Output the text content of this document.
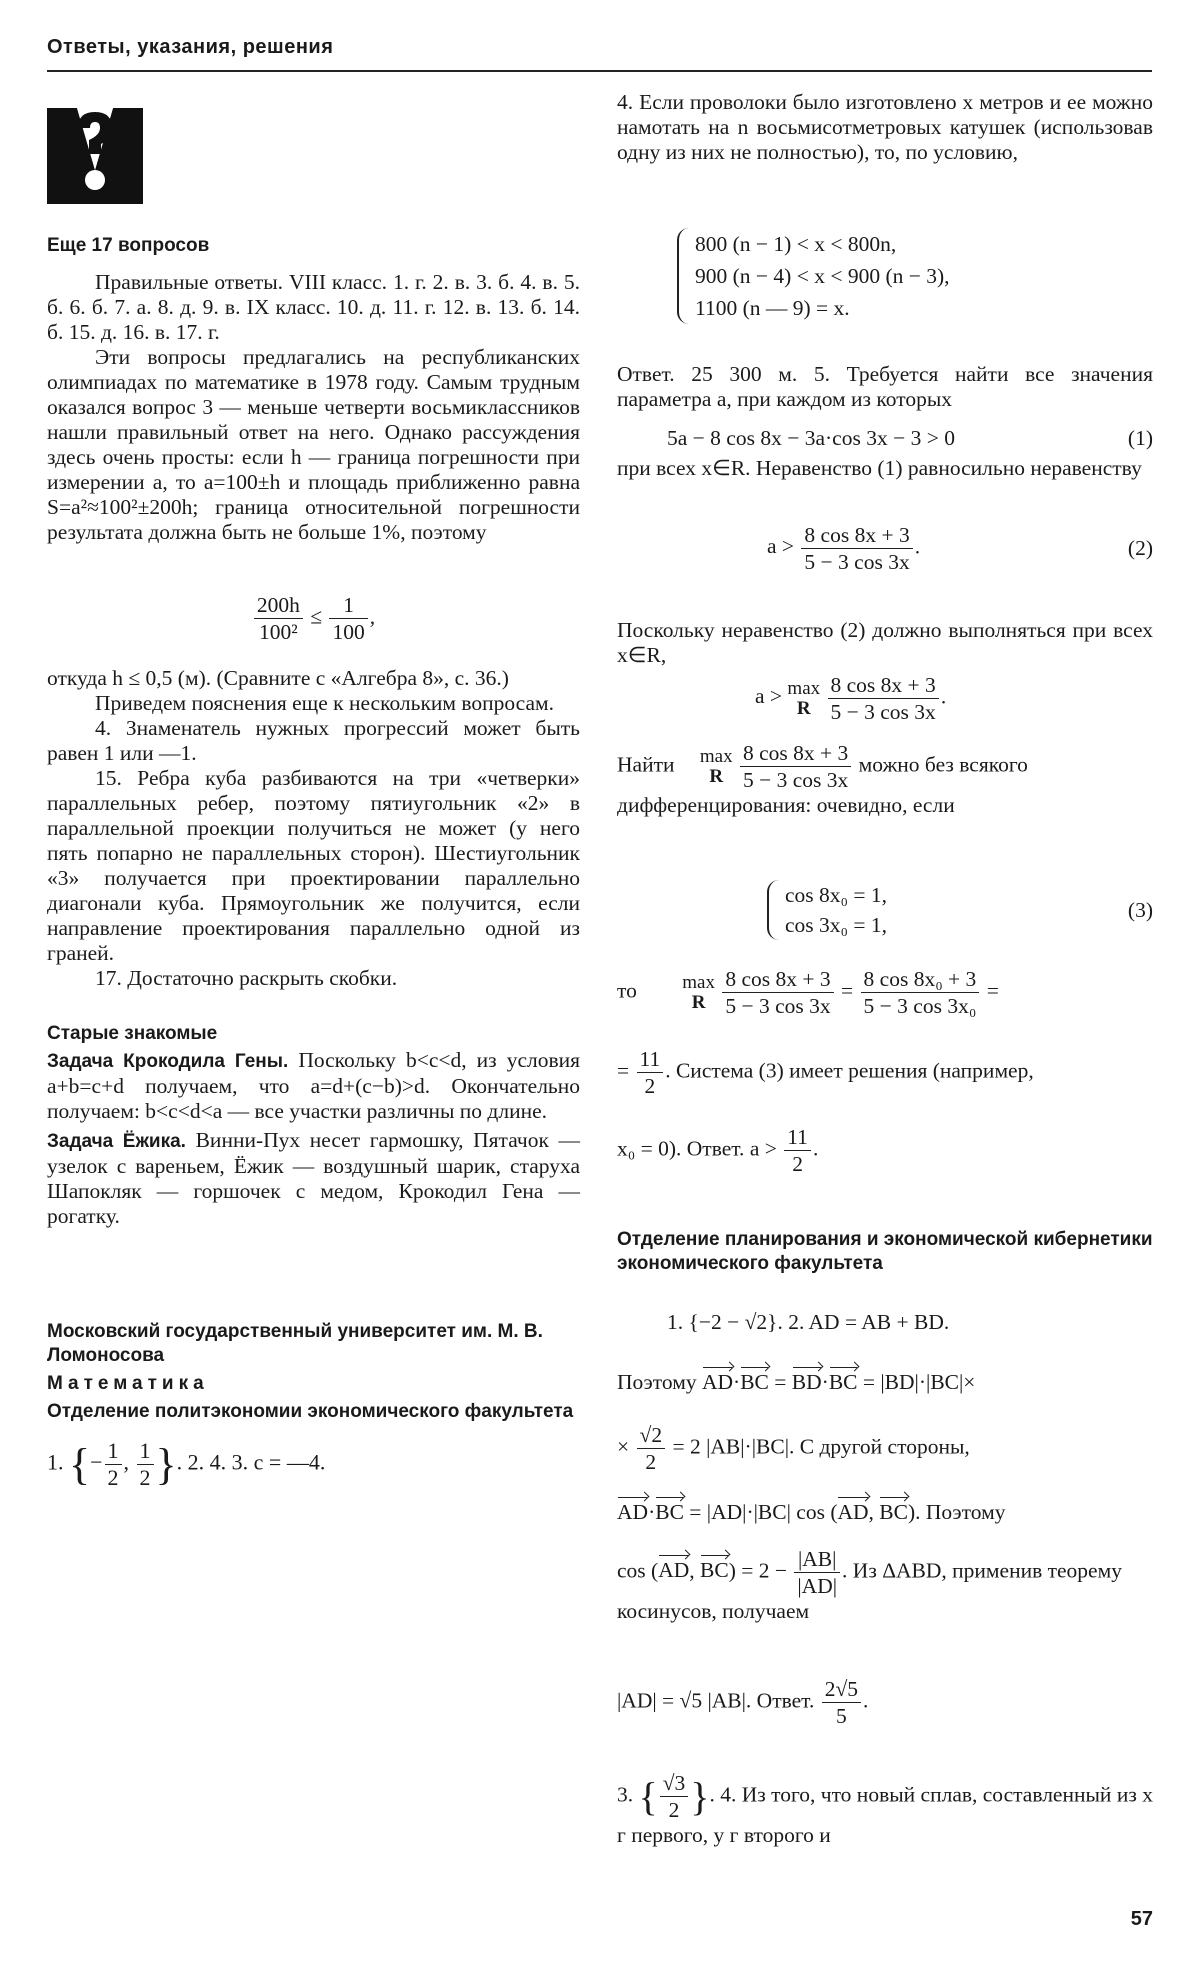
Ответы, указания, решения

Еще 17 вопросов

Правильные ответы. VIII класс. 1. г. 2. в. 3. б. 4. в. 5. б. 6. б. 7. а. 8. д. 9. в. IX класс. 10. д. 11. г. 12. в. 13. б. 14. б. 15. д. 16. в. 17. г.

Эти вопросы предлагались на республиканских олимпиадах по математике в 1978 году. Самым трудным оказался вопрос 3 — меньше четверти восьмиклассников нашли правильный ответ на него. Однако рассуждения здесь очень просты: если h — граница погрешности при измерении a, то a=100±h и площадь приближенно равна S=a²≈100²±200h; граница относительной погрешности результата должна быть не больше 1%, поэтому

$\frac{200h}{\text{100²}} \le \frac{1}{100}$ ,

откуда h ≤ 0,5 (м). (Сравните с «Алгебра 8», с. 36.)

Приведем пояснения еще к нескольким вопросам.

4. Знаменатель нужных прогрессий может быть равен 1 или —1.

15. Ребра куба разбиваются на три «четверки» параллельных ребер, поэтому пятиугольник «2» в параллельной проекции получиться не может (у него пять попарно не параллельных сторон). Шестиугольник «3» получается при проектировании параллельно диагонали куба. Прямоугольник же получится, если направление проектирования параллельно одной из граней.

17. Достаточно раскрыть скобки.

Старые знакомые

Задача Крокодила Гены. Поскольку b<c<d, из условия a+b=c+d получаем, что a=d+(c−b)>d. Окончательно получаем: b<c<d<a — все участки различны по длине.

Задача Ёжика. Винни-Пух несет гармошку, Пятачок — узелок с вареньем, Ёжик — воздушный шарик, старуха Шапокляк — горшочек с медом, Крокодил Гена — рогатку.

Московский государственный университет им. М. В. Ломоносова

Математика

Отделение политэкономии экономического факультета

1. {− $\frac{1}{2}$ , $\frac{1}{2}$ }. 2. 4. 3. c = —4.

4. Если проволоки было изготовлено x метров и ее можно намотать на n восьмисотметровых катушек (использовав одну из них не полностью), то, по условию,

800 (n − 1) < x < 800n,
900 (n − 4) < x < 900 (n − 3),
1100 (n — 9) = x.

Ответ. 25 300 м. 5. Требуется найти все значения параметра a, при каждом из которых

5a − 8 cos 8x − 3a·cos 3x − 3 > 0	(1)

при всех x∈R. Неравенство (1) равносильно неравенству

$a > \frac{8 \cos 8x + 3}{5 - 3 \cos 3x}$ .	(2)

Поскольку неравенство (2) должно выполняться при всех x∈R,

a > max
R $\frac{8 \cos 8x + 3}{5 - 3 \cos 3x}$ .
Найти max
R $\frac{8 \cos 8x + 3}{5 - 3 \cos 3x}$ можно без всякого дифференцирования: очевидно, если
cos 8x₀ = 1,
cos 3x₀ = 1,
(3)
то max
R $\frac{8 \cos 8x + 3}{5 - 3 \cos 3x} = \frac{\text{8 cos 8x₀ + 3}}{\text{5 − 3 cos 3x₀}}$ =
= $\frac{11}{2}$ . Система (3) имеет решения (например,
x₀ = 0). Ответ. $a > \frac{11}{2}$ .

Отделение планирования и экономической кибернетики экономического факультета

1. {−2 − √2}. 2. AD = AB + BD.
Поэтому AD·BC = BD·BC = |BD|·|BC|×
× $\frac{√2}{2} = 2$ |AB|·|BC|. С другой стороны,
AD·BC = |AD|·|BC| cos (AD, BC). Поэтому
cos (AD, $BC) = 2 - \frac{|AB|}{|AD|}$ . Из ΔABD, применив теорему косинусов, получаем
|AD| = √5 |AB|. Ответ. $\frac{2√5}{5}$ .
3. { $\frac{√3}{2}$ }. 4. Из того, что новый сплав, составленный из x г первого, y г второго и
57
